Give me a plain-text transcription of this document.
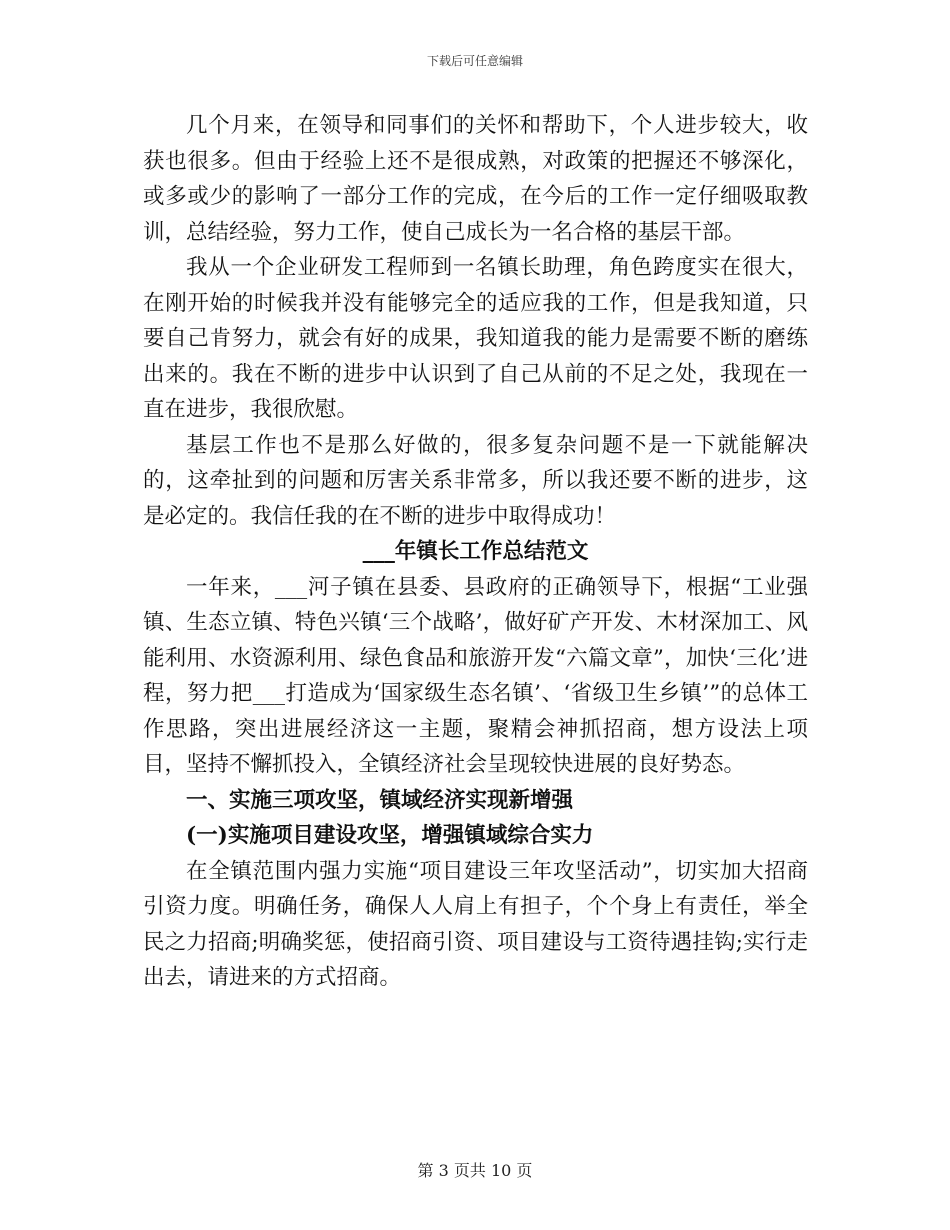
下载后可任意编辑

几个月来，在领导和同事们的关怀和帮助下，个人进步较大，收获也很多。但由于经验上还不是很成熟，对政策的把握还不够深化，或多或少的影响了一部分工作的完成，在今后的工作一定仔细吸取教训，总结经验，努力工作，使自己成长为一名合格的基层干部。

我从一个企业研发工程师到一名镇长助理，角色跨度实在很大，在刚开始的时候我并没有能够完全的适应我的工作，但是我知道，只要自己肯努力，就会有好的成果，我知道我的能力是需要不断的磨练出来的。我在不断的进步中认识到了自己从前的不足之处，我现在一直在进步，我很欣慰。

基层工作也不是那么好做的，很多复杂问题不是一下就能解决的，这牵扯到的问题和厉害关系非常多，所以我还要不断的进步，这是必定的。我信任我的在不断的进步中取得成功！

___年镇长工作总结范文

一年来，___河子镇在县委、县政府的正确领导下，根据“工业强镇、生态立镇、特色兴镇‘三个战略’，做好矿产开发、木材深加工、风能利用、水资源利用、绿色食品和旅游开发“六篇文章”，加快‘三化’进程，努力把___打造成为‘国家级生态名镇’、‘省级卫生乡镇’”的总体工作思路，突出进展经济这一主题，聚精会神抓招商，想方设法上项目，坚持不懈抓投入，全镇经济社会呈现较快进展的良好势态。

一、实施三项攻坚，镇域经济实现新增强

(一)实施项目建设攻坚，增强镇域综合实力

在全镇范围内强力实施“项目建设三年攻坚活动”，切实加大招商引资力度。明确任务，确保人人肩上有担子，个个身上有责任，举全民之力招商;明确奖惩，使招商引资、项目建设与工资待遇挂钩;实行走出去，请进来的方式招商。

第 3 页共 10 页
